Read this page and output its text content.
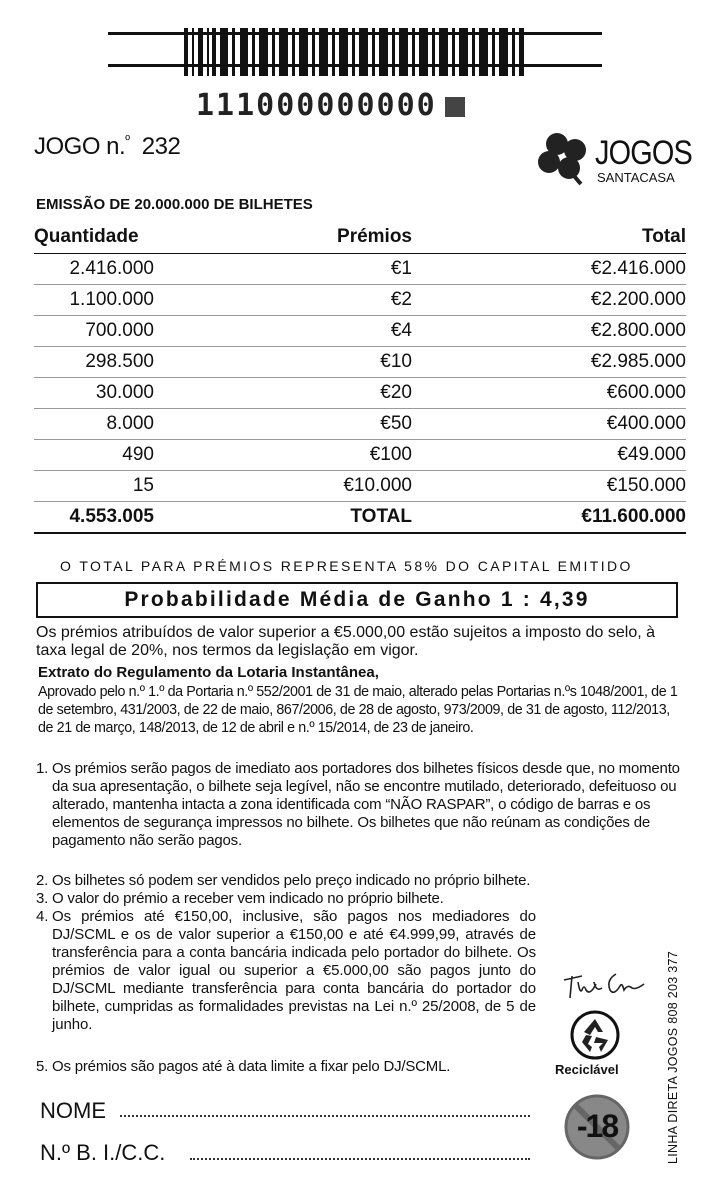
111000000000
JOGO n.$^º$ 232	JOGOS
SANTACASA
EMISSÃO DE 20.000.000 DE BILHETES
Quantidade	Prémios	Total
2.416.000	€1	€2.416.000
1.100.000	€2	€2.200.000
700.000	€4	€2.800.000
298.500	€10	€2.985.000
30.000	€20	€600.000
8.000	€50	€400.000
490	€100	€49.000
15	€10.000	€150.000
4.553.005	TOTAL	€11.600.000
O TOTAL PARA PRÉMIOS REPRESENTA 58% DO CAPITAL EMITIDO
Probabilidade Média de Ganho 1 : 4,39
Os prémios atribuídos de valor superior a €5.000,00 estão sujeitos a imposto do selo, à taxa legal de 20%, nos termos da legislação em vigor.
Extrato do Regulamento da Lotaria Instantânea,
Aprovado pelo n.º 1.º da Portaria n.º 552/2001 de 31 de maio, alterado pelas Portarias n.ºs 1048/2001, de 1 de setembro, 431/2003, de 22 de maio, 867/2006, de 28 de agosto, 973/2009, de 31 de agosto, 112/2013, de 21 de março, 148/2013, de 12 de abril e n.º 15/2014, de 23 de janeiro.
1. Os prémios serão pagos de imediato aos portadores dos bilhetes físicos desde que, no momento da sua apresentação, o bilhete seja legível, não se encontre mutilado, deteriorado, defeituoso ou alterado, mantenha intacta a zona identificada com “NÃO RASPAR”, o código de barras e os elementos de segurança impressos no bilhete. Os bilhetes que não reúnam as condições de pagamento não serão pagos.
2. Os bilhetes só podem ser vendidos pelo preço indicado no próprio bilhete.
3. O valor do prémio a receber vem indicado no próprio bilhete.
4. Os prémios até €150,00, inclusive, são pagos nos mediadores do DJ/SCML e os de valor superior a €150,00 e até €4.999,99, através de transferência para a conta bancária indicada pelo portador do bilhete. Os prémios de valor igual ou superior a €5.000,00 são pagos junto do DJ/SCML mediante transferência para conta bancária do portador do bilhete, cumpridas as formalidades previstas na Lei n.º 25/2008, de 5 de junho.
5. Os prémios são pagos até à data limite a fixar pelo DJ/SCML.	Reciclável
-18	LINHA DIRETA JOGOS 808 203 377
NOME
N.º B. I./C.C.
